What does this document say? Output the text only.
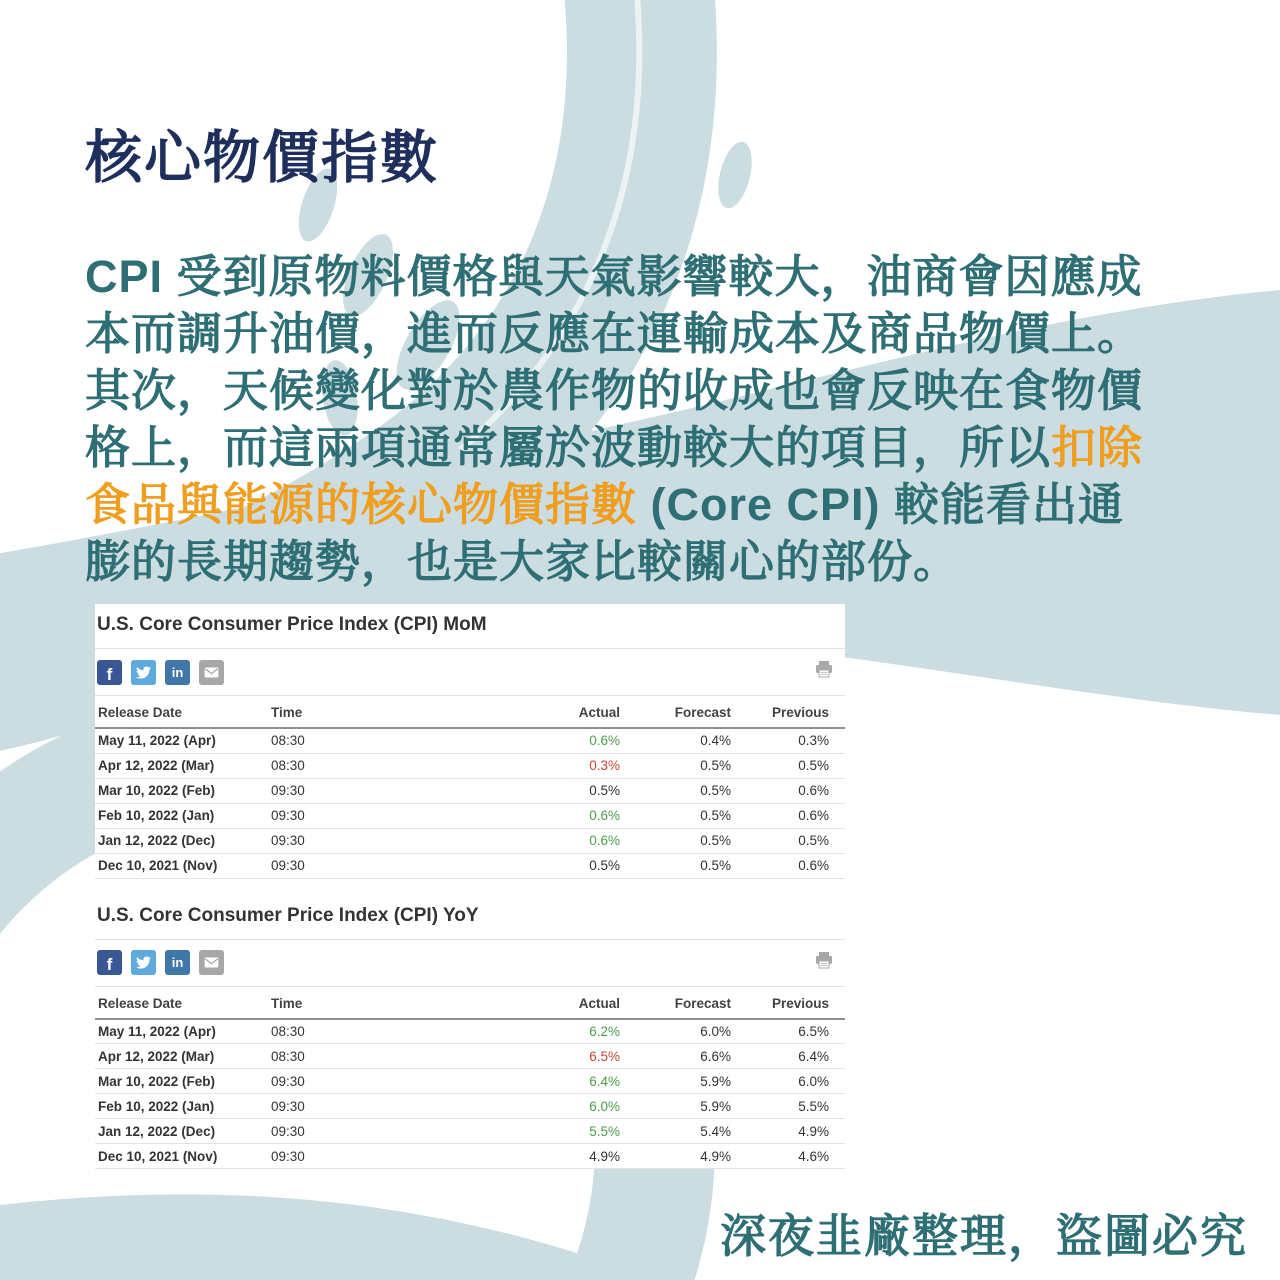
核心物價指數
CPI 受到原物料價格與天氣影響較大，油商會因應成
本而調升油價，進而反應在運輸成本及商品物價上。
其次，天候變化對於農作物的收成也會反映在食物價
格上，而這兩項通常屬於波動較大的項目，所以扣除
食品與能源的核心物價指數 (Core CPI) 較能看出通
膨的長期趨勢，也是大家比較關心的部份。
U.S. Core Consumer Price Index (CPI) MoM
f	in
Release Date	Time	Actual	Forecast	Previous
May 11, 2022 (Apr)	08:30	0.6%	0.4%	0.3%
Apr 12, 2022 (Mar)	08:30	0.3%	0.5%	0.5%
Mar 10, 2022 (Feb)	09:30	0.5%	0.5%	0.6%
Feb 10, 2022 (Jan)	09:30	0.6%	0.5%	0.6%
Jan 12, 2022 (Dec)	09:30	0.6%	0.5%	0.5%
Dec 10, 2021 (Nov)	09:30	0.5%	0.5%	0.6%
U.S. Core Consumer Price Index (CPI) YoY
f	in
Release Date	Time	Actual	Forecast	Previous
May 11, 2022 (Apr)	08:30	6.2%	6.0%	6.5%
Apr 12, 2022 (Mar)	08:30	6.5%	6.6%	6.4%
Mar 10, 2022 (Feb)	09:30	6.4%	5.9%	6.0%
Feb 10, 2022 (Jan)	09:30	6.0%	5.9%	5.5%
Jan 12, 2022 (Dec)	09:30	5.5%	5.4%	4.9%
Dec 10, 2021 (Nov)	09:30	4.9%	4.9%	4.6%
深夜韭廠整理，盜圖必究
